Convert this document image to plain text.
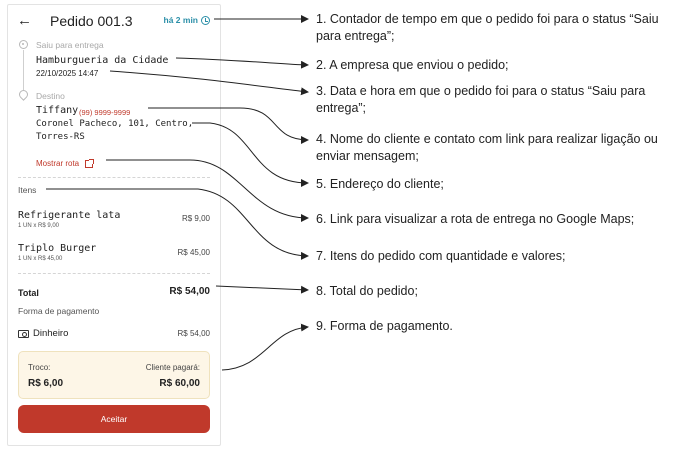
← Pedido 001.3	há 2 min
Saiu para entrega
Hamburgueria da Cidade
22/10/2025 14:47
Destino
Tiffany (99) 9999-9999
Coronel Pacheco, 101, Centro,
Torres-RS
Mostrar rota
Itens
Refrigerante lata
1 UN x R$ 9,00
R$ 9,00
Triplo Burger
1 UN x R$ 45,00
R$ 45,00
Total	R$ 54,00
Forma de pagamento
Dinheiro	R$ 54,00
Troco:	Cliente pagará:
R$ 6,00	R$ 60,00
Aceitar
1. Contador de tempo em que o pedido foi para o status “Saiu para entrega”;
2. A empresa que enviou o pedido;
3. Data e hora em que o pedido foi para o status “Saiu para entrega”;
4. Nome do cliente e contato com link para realizar ligação ou enviar mensagem;
5. Endereço do cliente;
6. Link para visualizar a rota de entrega no Google Maps;
7. Itens do pedido com quantidade e valores;
8. Total do pedido;
9. Forma de pagamento.
